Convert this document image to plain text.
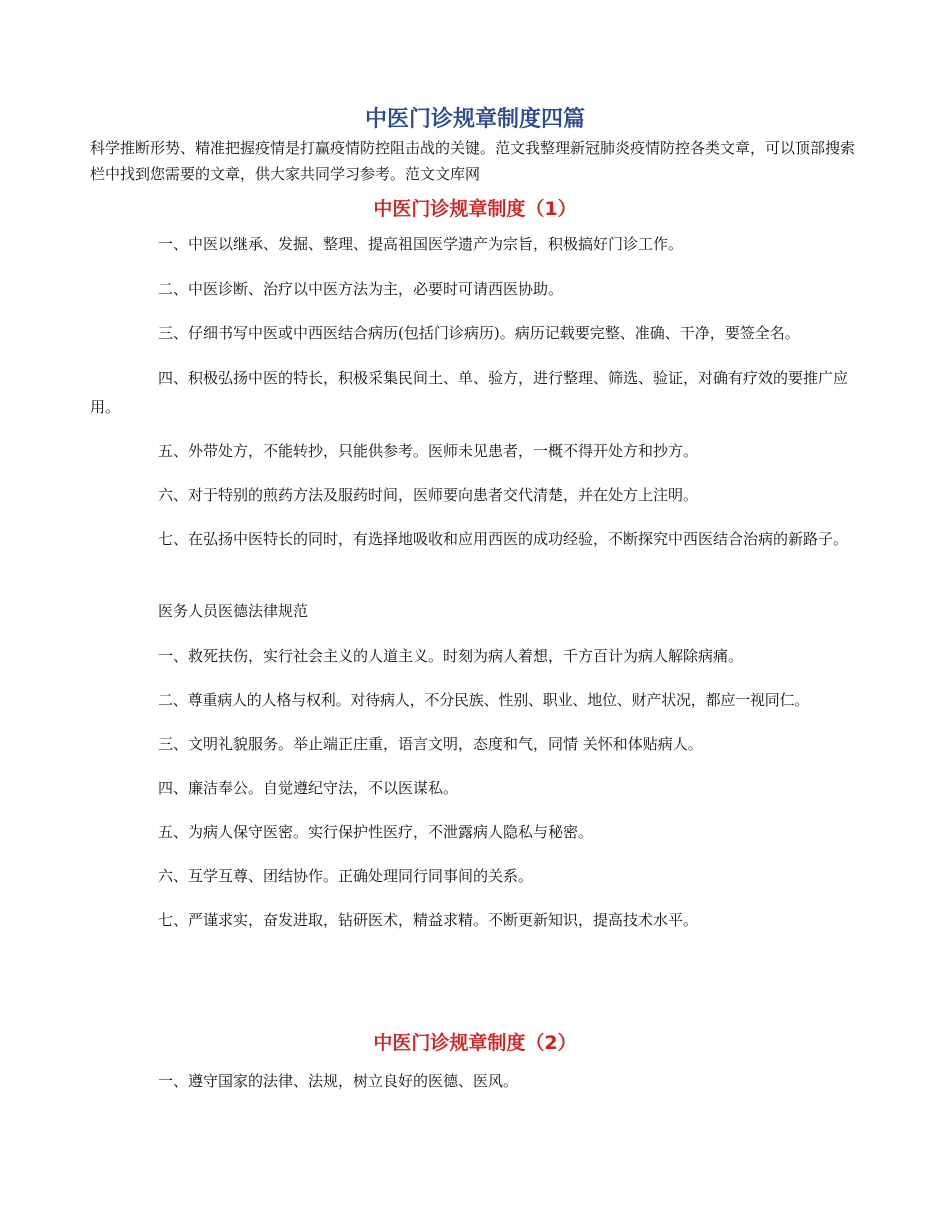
中医门诊规章制度四篇

科学推断形势、精准把握疫情是打赢疫情防控阻击战的关键。范文我整理新冠肺炎疫情防控各类文章，可以顶部搜索栏中找到您需要的文章，供大家共同学习参考。范文文库网

中医门诊规章制度（1）

一、中医以继承、发掘、整理、提高祖国医学遗产为宗旨，积极搞好门诊工作。

二、中医诊断、治疗以中医方法为主，必要时可请西医协助。

三、仔细书写中医或中西医结合病历(包括门诊病历)。病历记载要完整、准确、干净，要签全名。

四、积极弘扬中医的特长，积极采集民间土、单、验方，进行整理、筛选、验证，对确有疗效的要推广应用。

五、外带处方，不能转抄，只能供参考。医师未见患者，一概不得开处方和抄方。

六、对于特别的煎药方法及服药时间，医师要向患者交代清楚，并在处方上注明。

七、在弘扬中医特长的同时，有选择地吸收和应用西医的成功经验，不断探究中西医结合治病的新路子。

医务人员医德法律规范

一、救死扶伤，实行社会主义的人道主义。时刻为病人着想，千方百计为病人解除病痛。

二、尊重病人的人格与权利。对待病人，不分民族、性别、职业、地位、财产状况，都应一视同仁。

三、文明礼貌服务。举止端正庄重，语言文明，态度和气，同情 关怀和体贴病人。

四、廉洁奉公。自觉遵纪守法，不以医谋私。

五、为病人保守医密。实行保护性医疗，不泄露病人隐私与秘密。

六、互学互尊、团结协作。正确处理同行同事间的关系。

七、严谨求实，奋发进取，钻研医术，精益求精。不断更新知识，提高技术水平。

中医门诊规章制度（2）

一、遵守国家的法律、法规，树立良好的医德、医风。
